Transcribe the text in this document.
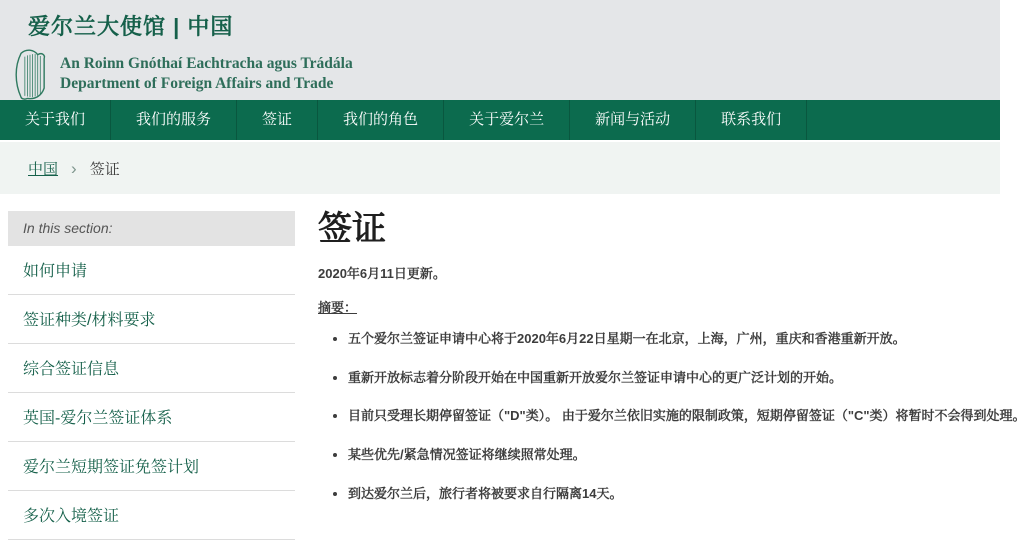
爱尔兰大使馆 | 中国
An Roinn Gnóthaí Eachtracha agus Trádála
Department of Foreign Affairs and Trade
关于我们	我们的服务	签证	我们的角色	关于爱尔兰	新闻与活动	联系我们
中国 › 签证
In this section:
如何申请
签证种类/材料要求
综合签证信息
英国-爱尔兰签证体系
爱尔兰短期签证免签计划
多次入境签证
签证
2020年6月11日更新。
摘要：
• 五个爱尔兰签证申请中心将于2020年6月22日星期一在北京，上海，广州，重庆和香港重新开放。
• 重新开放标志着分阶段开始在中国重新开放爱尔兰签证申请中心的更广泛计划的开始。
• 目前只受理长期停留签证（"D"类）。 由于爱尔兰依旧实施的限制政策，短期停留签证（"C"类）将暂时不会得到处理。
• 某些优先/紧急情况签证将继续照常处理。
• 到达爱尔兰后，旅行者将被要求自行隔离14天。
